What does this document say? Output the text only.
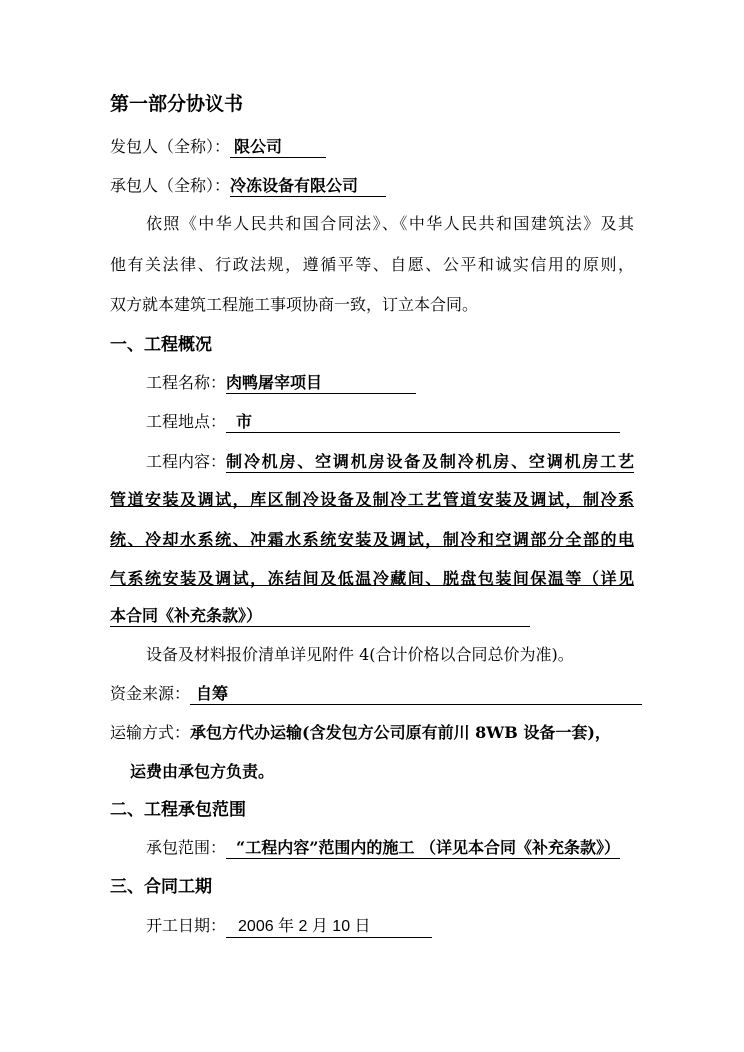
第一部分协议书
发包人（全称）： 限公司
承包人（全称）：冷冻设备有限公司
依照《中华人民共和国合同法》、《中华人民共和国建筑法》及其
他有关法律、行政法规，遵循平等、自愿、公平和诚实信用的原则，
双方就本建筑工程施工事项协商一致，订立本合同。
一、工程概况
工程名称：肉鸭屠宰项目
工程地点： 市
工程内容：制冷机房、空调机房设备及制冷机房、空调机房工艺
管道安装及调试，库区制冷设备及制冷工艺管道安装及调试，制冷系
统、冷却水系统、冲霜水系统安装及调试，制冷和空调部分全部的电
气系统安装及调试，冻结间及低温冷藏间、脱盘包装间保温等（详见
本合同《补充条款》）
设备及材料报价清单详见附件 4(合计价格以合同总价为准)。
资金来源： 自筹
运输方式：承包方代办运输(含发包方公司原有前川 8WB 设备一套)，
运费由承包方负责。
二、工程承包范围
承包范围： “工程内容”范围内的施工 （详见本合同《补充条款》）
三、合同工期
开工日期： 2006 年 2 月 10 日
